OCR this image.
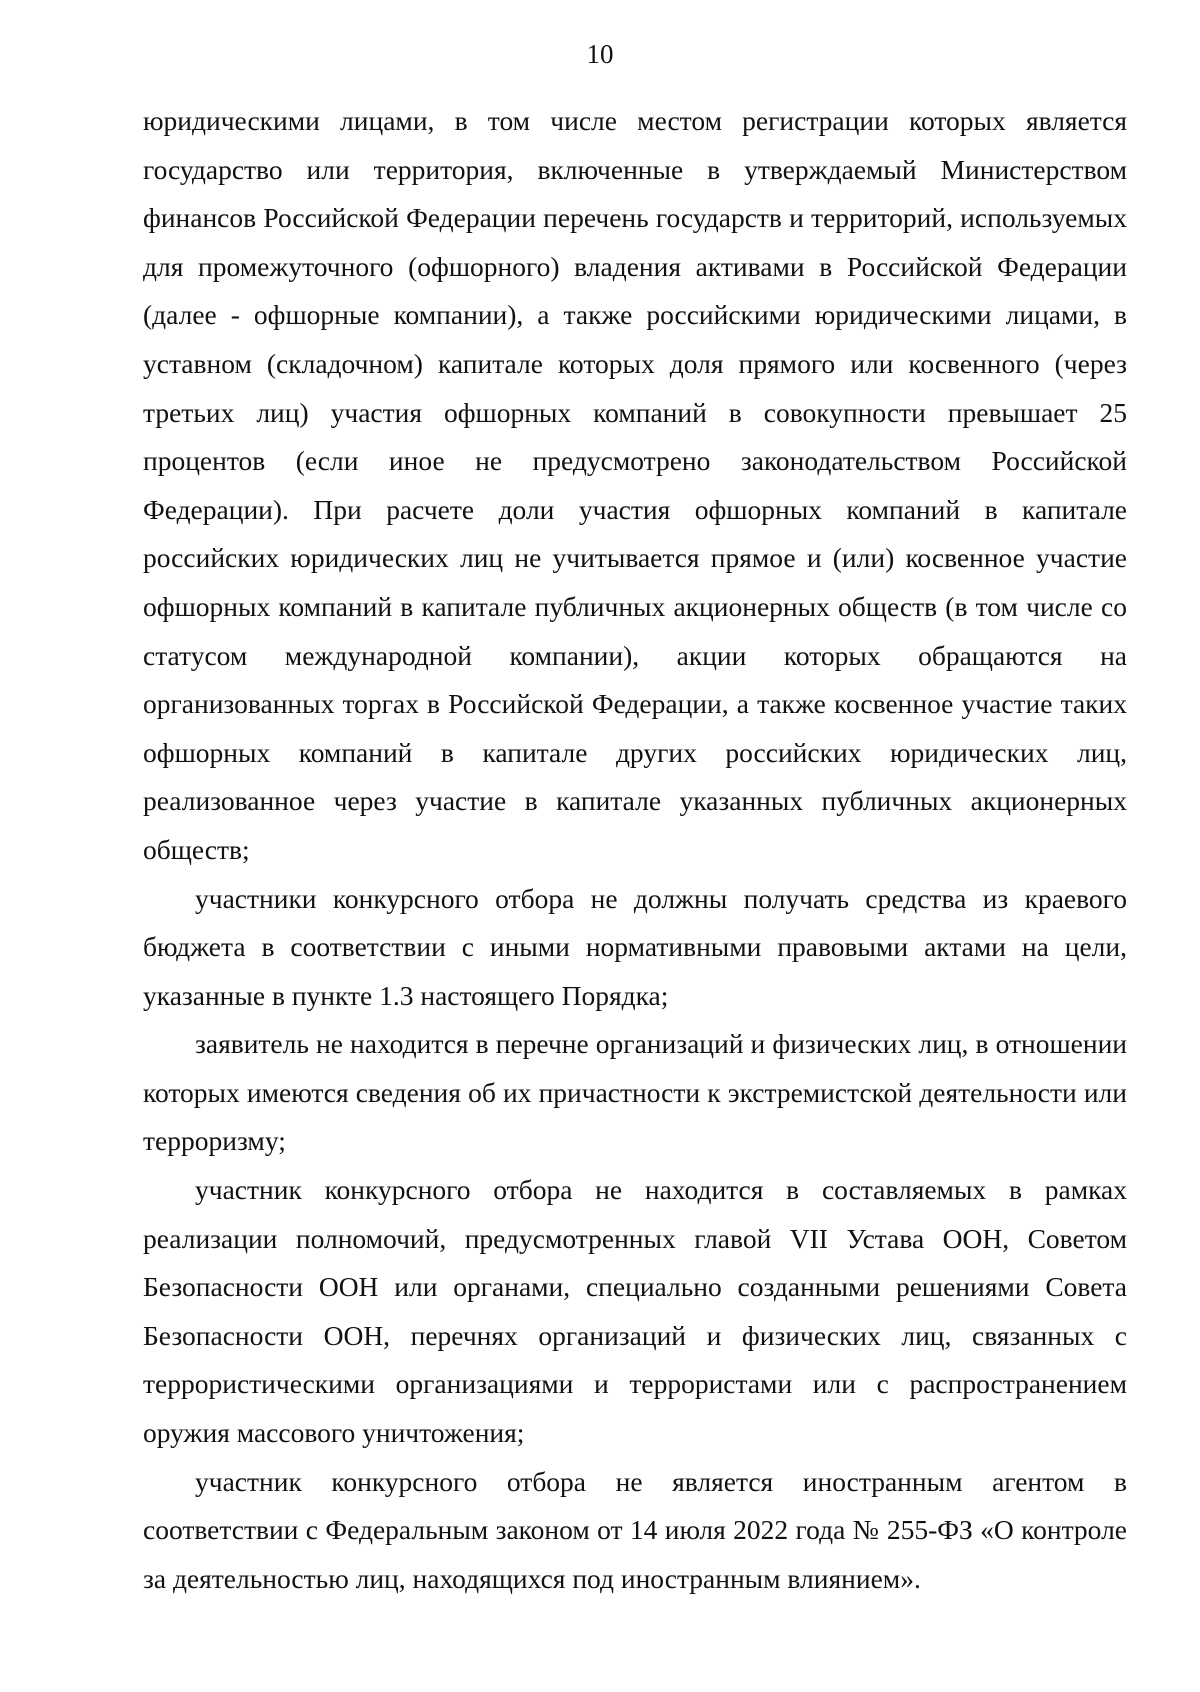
10

юридическими лицами, в том числе местом регистрации которых является государство или территория, включенные в утверждаемый Министерством финансов Российской Федерации перечень государств и территорий, используемых для промежуточного (офшорного) владения активами в Российской Федерации (далее - офшорные компании), а также российскими юридическими лицами, в уставном (складочном) капитале которых доля прямого или косвенного (через третьих лиц) участия офшорных компаний в совокупности превышает 25 процентов (если иное не предусмотрено законодательством Российской Федерации). При расчете доли участия офшорных компаний в капитале российских юридических лиц не учитывается прямое и (или) косвенное участие офшорных компаний в капитале публичных акционерных обществ (в том числе со статусом международной компании), акции которых обращаются на организованных торгах в Российской Федерации, а также косвенное участие таких офшорных компаний в капитале других российских юридических лиц, реализованное через участие в капитале указанных публичных акционерных обществ;

участники конкурсного отбора не должны получать средства из краевого бюджета в соответствии с иными нормативными правовыми актами на цели, указанные в пункте 1.3 настоящего Порядка;

заявитель не находится в перечне организаций и физических лиц, в отношении которых имеются сведения об их причастности к экстремистской деятельности или терроризму;

участник конкурсного отбора не находится в составляемых в рамках реализации полномочий, предусмотренных главой VII Устава ООН, Советом Безопасности ООН или органами, специально созданными решениями Совета Безопасности ООН, перечнях организаций и физических лиц, связанных с террористическими организациями и террористами или с распространением оружия массового уничтожения;

участник конкурсного отбора не является иностранным агентом в соответствии с Федеральным законом от 14 июля 2022 года № 255-ФЗ «О контроле за деятельностью лиц, находящихся под иностранным влиянием».
